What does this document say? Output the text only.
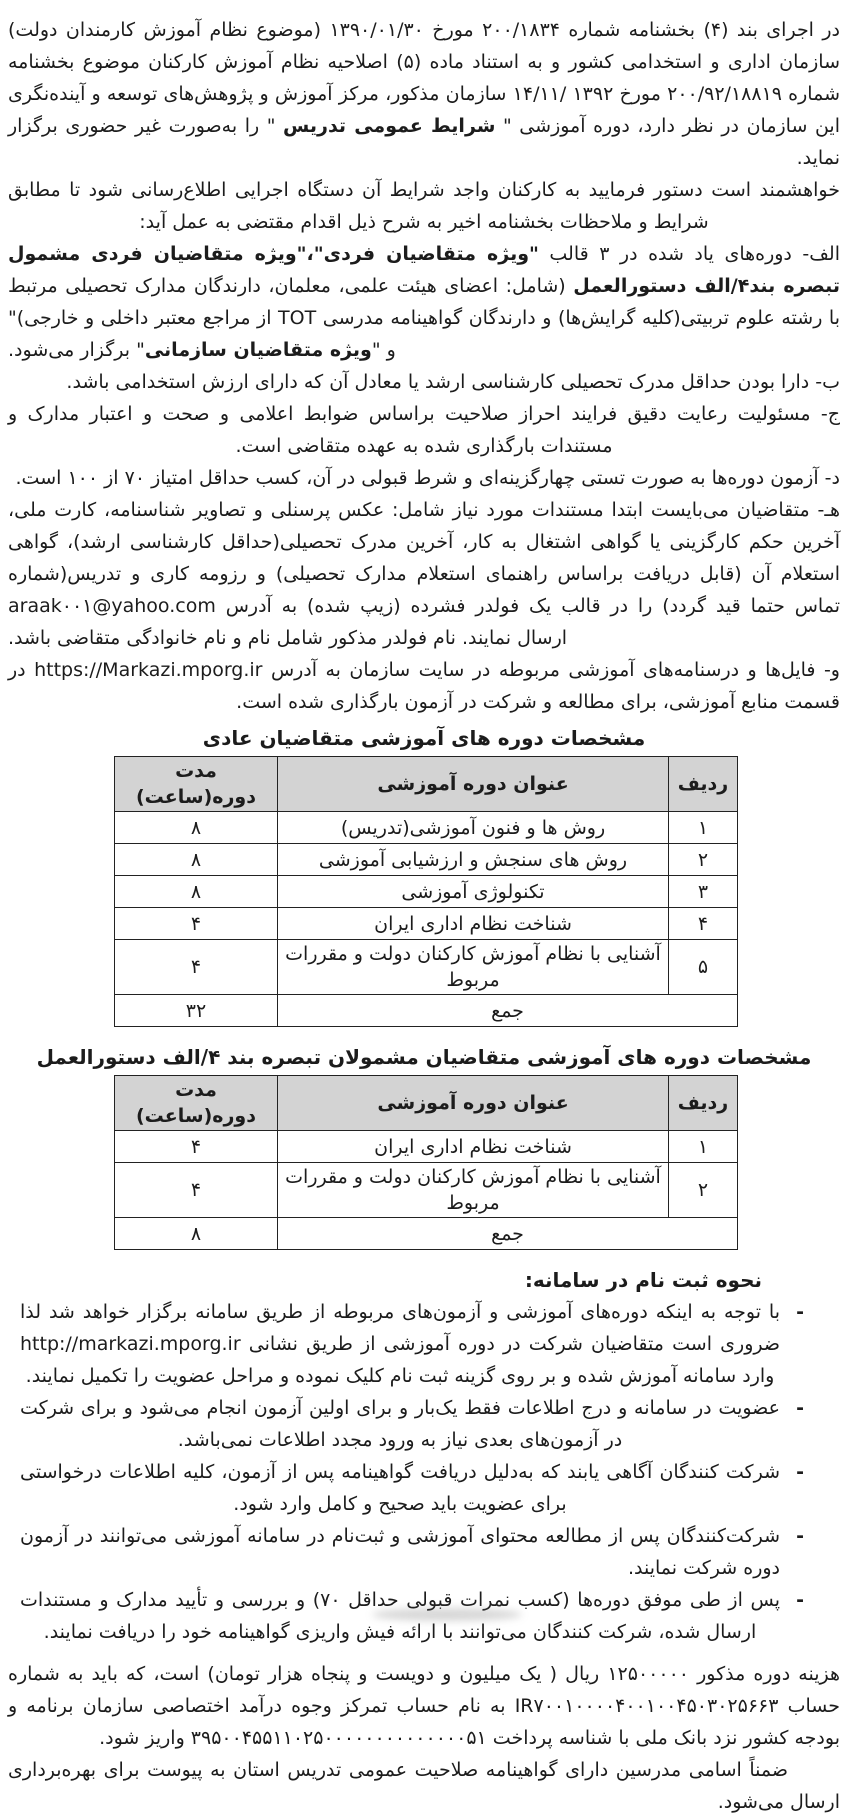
در اجرای بند (۴) بخشنامه شماره ۲۰۰/۱۸۳۴ مورخ ۱۳۹۰/۰۱/۳۰ (موضوع نظام آموزش کارمندان دولت) سازمان اداری و استخدامی کشور و به استناد ماده (۵) اصلاحیه نظام آموزش کارکنان موضوع بخشنامه شماره ۲۰۰/۹۲/۱۸۸۱۹ مورخ ‪۱۴/۱۱/ ۱۳۹۲‬ سازمان مذکور، مرکز آموزش و پژوهش‌های توسعه و آینده‌نگری این سازمان در نظر دارد، دوره آموزشی " شرایط عمومی تدریس " را به‌صورت غیر حضوری برگزار نماید.

خواهشمند است دستور فرمایید به کارکنان واجد شرایط آن دستگاه اجرایی اطلاع‌رسانی شود تا مطابق شرایط و ملاحظات بخشنامه اخیر به شرح ذیل اقدام مقتضی به عمل آید:

الف- دوره‌های یاد شده در ۳ قالب "ویژه متقاضیان فردی"،"ویژه متقاضیان فردی مشمول تبصره بند۴/الف دستورالعمل (شامل: اعضای هیئت علمی، معلمان، دارندگان مدارک تحصیلی مرتبط با رشته علوم تربیتی(کلیه گرایش‌ها) و دارندگان گواهینامه مدرسی TOT از مراجع معتبر داخلی و خارجی)" و "ویژه متقاضیان سازمانی" برگزار می‌شود.

ب- دارا بودن حداقل مدرک تحصیلی کارشناسی ارشد یا معادل آن که دارای ارزش استخدامی باشد.

ج- مسئولیت رعایت دقیق فرایند احراز صلاحیت براساس ضوابط اعلامی و صحت و اعتبار مدارک و مستندات بارگذاری شده به عهده متقاضی است.

د- آزمون دوره‌ها به صورت تستی چهارگزینه‌ای و شرط قبولی در آن، کسب حداقل امتیاز ۷۰ از ۱۰۰ است.

هـ- متقاضیان می‌بایست ابتدا مستندات مورد نیاز شامل: عکس پرسنلی و تصاویر شناسنامه، کارت ملی، آخرین حکم کارگزینی یا گواهی اشتغال به کار، آخرین مدرک تحصیلی(حداقل کارشناسی ارشد)، گواهی استعلام آن (قابل دریافت براساس راهنمای استعلام مدارک تحصیلی) و رزومه کاری و تدریس(شماره تماس حتما قید گردد) را در قالب یک فولدر فشرده (زیپ شده) به آدرس araak۰۰۱@yahoo.com ارسال نمایند. نام فولدر مذکور شامل نام و نام خانوادگی متقاضی باشد.

و- فایل‌ها و درسنامه‌های آموزشی مربوطه در سایت سازمان به آدرس https://Markazi.mporg.ir در قسمت منابع آموزشی، برای مطالعه و شرکت در آزمون بارگذاری شده است.

مشخصات دوره های آموزشی متقاضیان عادی
ردیف	عنوان دوره آموزشی	مدت دوره(ساعت)
۱	روش ها و فنون آموزشی(تدریس)	۸
۲	روش های سنجش و ارزشیابی آموزشی	۸
۳	تکنولوژی آموزشی	۸
۴	شناخت نظام اداری ایران	۴
۵	آشنایی با نظام آموزش کارکنان دولت و مقررات مربوط	۴
جمع		۳۲
مشخصات دوره های آموزشی متقاضیان مشمولان تبصره بند ۴/الف دستورالعمل
ردیف	عنوان دوره آموزشی	مدت دوره(ساعت)
۱	شناخت نظام اداری ایران	۴
۲	آشنایی با نظام آموزش کارکنان دولت و مقررات مربوط	۴
جمع		۸
نحوه ثبت نام در سامانه:
-
با توجه به اینکه دوره‌های آموزشی و آزمون‌های مربوطه از طریق سامانه برگزار خواهد شد لذا ضروری است متقاضیان شرکت در دوره آموزشی از طریق نشانی http://markazi.mporg.ir وارد سامانه آموزش شده و بر روی گزینه ثبت نام کلیک نموده و مراحل عضویت را تکمیل نمایند.
-
عضویت در سامانه و درج اطلاعات فقط یک‌بار و برای اولین آزمون انجام می‌شود و برای شرکت در آزمون‌های بعدی نیاز به ورود مجدد اطلاعات نمی‌باشد.
-
شرکت کنندگان آگاهی یابند که به‌دلیل دریافت گواهینامه پس از آزمون، کلیه اطلاعات درخواستی برای عضویت باید صحیح و کامل وارد شود.
-
شرکت‌کنندگان پس از مطالعه محتوای آموزشی و ثبت‌نام در سامانه آموزشی می‌توانند در آزمون دوره شرکت نمایند.
-
پس از طی موفق دوره‌ها (کسب نمرات قبولی حداقل ۷۰) و بررسی و تأیید مدارک و مستندات ارسال شده، شرکت کنندگان می‌توانند با ارائه فیش واریزی گواهینامه خود را دریافت نمایند.

هزینه دوره مذکور ۱۲۵۰۰۰۰۰ ریال ( یک میلیون و دویست و پنجاه هزار تومان) است، که باید به شماره حساب IR۷۰۰۱۰۰۰۰۴۰۰۱۰۰۴۵۰۳۰۲۵۶۶۳ به نام حساب تمرکز وجوه درآمد اختصاصی سازمان برنامه و بودجه کشور نزد بانک ملی با شناسه پرداخت ۳۹۵۰۰۴۵۵۱۱۰۲۵۰۰۰۰۰۰۰۰۰۰۰۰۰۰۵۱ واریز شود.

ضمناً اسامی مدرسین دارای گواهینامه صلاحیت عمومی تدریس استان به پیوست برای بهره‌برداری ارسال می‌شود.
